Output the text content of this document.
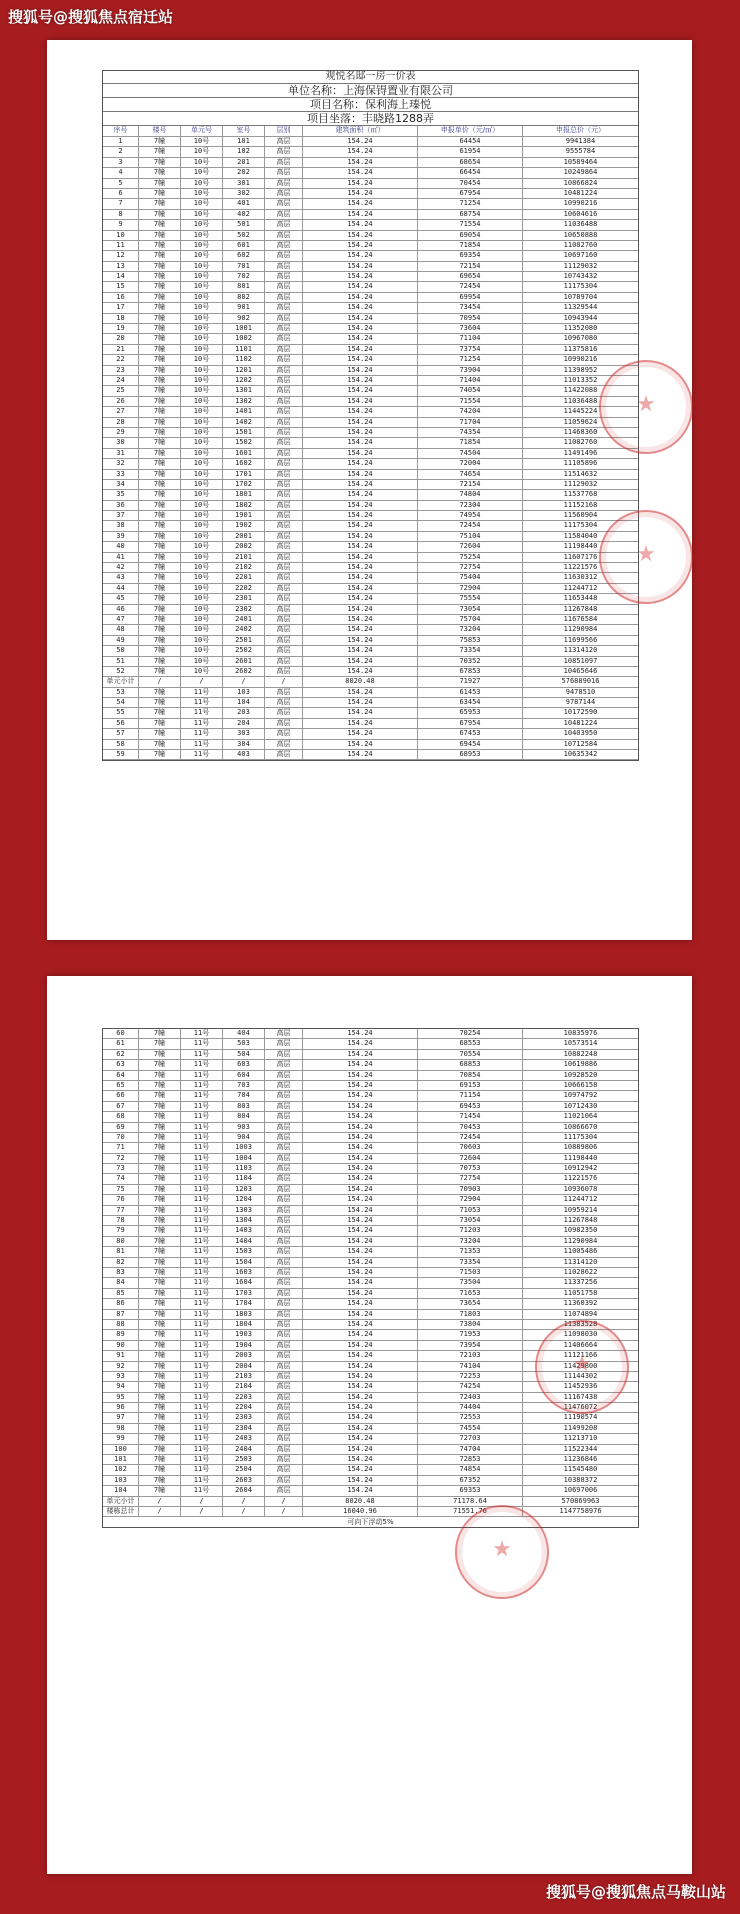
搜狐号@搜狐焦点宿迁站
观悦名邸一房一价表
单位名称：上海保锝置业有限公司
项目名称：保利海上瑧悦
项目坐落：丰晓路1288弄
序号	楼号	单元号	室号	层别	建筑面积（㎡）	申报单价（元/㎡）	申报总价（元）
1	7幢	10号	101	高层	154.24	64454	9941384
2	7幢	10号	102	高层	154.24	61954	9555784
3	7幢	10号	201	高层	154.24	68654	10589464
4	7幢	10号	202	高层	154.24	66454	10249864
5	7幢	10号	301	高层	154.24	70454	10866824
6	7幢	10号	302	高层	154.24	67954	10481224
7	7幢	10号	401	高层	154.24	71254	10990216
8	7幢	10号	402	高层	154.24	68754	10604616
9	7幢	10号	501	高层	154.24	71554	11036488
10	7幢	10号	502	高层	154.24	69054	10650888
11	7幢	10号	601	高层	154.24	71854	11082760
12	7幢	10号	602	高层	154.24	69354	10697160
13	7幢	10号	701	高层	154.24	72154	11129032
14	7幢	10号	702	高层	154.24	69654	10743432
15	7幢	10号	801	高层	154.24	72454	11175304
16	7幢	10号	802	高层	154.24	69954	10789704
17	7幢	10号	901	高层	154.24	73454	11329544
18	7幢	10号	902	高层	154.24	70954	10943944
19	7幢	10号	1001	高层	154.24	73604	11352080
20	7幢	10号	1002	高层	154.24	71104	10967080
21	7幢	10号	1101	高层	154.24	73754	11375816
22	7幢	10号	1102	高层	154.24	71254	10990216
23	7幢	10号	1201	高层	154.24	73904	11398952
24	7幢	10号	1202	高层	154.24	71404	11013352
25	7幢	10号	1301	高层	154.24	74054	11422088
26	7幢	10号	1302	高层	154.24	71554	11036488
27	7幢	10号	1401	高层	154.24	74204	11445224
28	7幢	10号	1402	高层	154.24	71704	11059624
29	7幢	10号	1501	高层	154.24	74354	11468360
30	7幢	10号	1502	高层	154.24	71854	11082760
31	7幢	10号	1601	高层	154.24	74504	11491496
32	7幢	10号	1602	高层	154.24	72004	11105896
33	7幢	10号	1701	高层	154.24	74654	11514632
34	7幢	10号	1702	高层	154.24	72154	11129032
35	7幢	10号	1801	高层	154.24	74804	11537768
36	7幢	10号	1802	高层	154.24	72304	11152168
37	7幢	10号	1901	高层	154.24	74954	11560904
38	7幢	10号	1902	高层	154.24	72454	11175304
39	7幢	10号	2001	高层	154.24	75104	11584040
40	7幢	10号	2002	高层	154.24	72604	11198440
41	7幢	10号	2101	高层	154.24	75254	11607176
42	7幢	10号	2102	高层	154.24	72754	11221576
43	7幢	10号	2201	高层	154.24	75404	11630312
44	7幢	10号	2202	高层	154.24	72904	11244712
45	7幢	10号	2301	高层	154.24	75554	11653448
46	7幢	10号	2302	高层	154.24	73054	11267848
47	7幢	10号	2401	高层	154.24	75704	11676584
48	7幢	10号	2402	高层	154.24	73204	11290984
49	7幢	10号	2501	高层	154.24	75853	11699566
50	7幢	10号	2502	高层	154.24	73354	11314120
51	7幢	10号	2601	高层	154.24	70352	10851097
52	7幢	10号	2602	高层	154.24	67853	10465646
单元小计	/	/	/	/	8020.48	71927	576889016
53	7幢	11号	103	高层	154.24	61453	9478510
54	7幢	11号	104	高层	154.24	63454	9787144
55	7幢	11号	203	高层	154.24	65953	10172590
56	7幢	11号	204	高层	154.24	67954	10481224
57	7幢	11号	303	高层	154.24	67453	10403950
58	7幢	11号	304	高层	154.24	69454	10712584
59	7幢	11号	403	高层	154.24	68953	10635342
★
★
60	7幢	11号	404	高层	154.24	70254	10835976
61	7幢	11号	503	高层	154.24	68553	10573514
62	7幢	11号	504	高层	154.24	70554	10882248
63	7幢	11号	603	高层	154.24	68853	10619886
64	7幢	11号	604	高层	154.24	70854	10928520
65	7幢	11号	703	高层	154.24	69153	10666158
66	7幢	11号	704	高层	154.24	71154	10974792
67	7幢	11号	803	高层	154.24	69453	10712430
68	7幢	11号	804	高层	154.24	71454	11021064
69	7幢	11号	903	高层	154.24	70453	10866670
70	7幢	11号	904	高层	154.24	72454	11175304
71	7幢	11号	1003	高层	154.24	70603	10889806
72	7幢	11号	1004	高层	154.24	72604	11198440
73	7幢	11号	1103	高层	154.24	70753	10912942
74	7幢	11号	1104	高层	154.24	72754	11221576
75	7幢	11号	1203	高层	154.24	70903	10936078
76	7幢	11号	1204	高层	154.24	72904	11244712
77	7幢	11号	1303	高层	154.24	71053	10959214
78	7幢	11号	1304	高层	154.24	73054	11267848
79	7幢	11号	1403	高层	154.24	71203	10982350
80	7幢	11号	1404	高层	154.24	73204	11290984
81	7幢	11号	1503	高层	154.24	71353	11005486
82	7幢	11号	1504	高层	154.24	73354	11314120
83	7幢	11号	1603	高层	154.24	71503	11028622
84	7幢	11号	1604	高层	154.24	73504	11337256
85	7幢	11号	1703	高层	154.24	71653	11051758
86	7幢	11号	1704	高层	154.24	73654	11360392
87	7幢	11号	1803	高层	154.24	71803	11074894
88	7幢	11号	1804	高层	154.24	73804	11383528
89	7幢	11号	1903	高层	154.24	71953	11098030
90	7幢	11号	1904	高层	154.24	73954	11406664
91	7幢	11号	2003	高层	154.24	72103	11121166
92	7幢	11号	2004	高层	154.24	74104	11429800
93	7幢	11号	2103	高层	154.24	72253	11144302
94	7幢	11号	2104	高层	154.24	74254	11452936
95	7幢	11号	2203	高层	154.24	72403	11167438
96	7幢	11号	2204	高层	154.24	74404	11476072
97	7幢	11号	2303	高层	154.24	72553	11190574
98	7幢	11号	2304	高层	154.24	74554	11499208
99	7幢	11号	2403	高层	154.24	72703	11213710
100	7幢	11号	2404	高层	154.24	74704	11522344
101	7幢	11号	2503	高层	154.24	72853	11236846
102	7幢	11号	2504	高层	154.24	74854	11545480
103	7幢	11号	2603	高层	154.24	67352	10388372
104	7幢	11号	2604	高层	154.24	69353	10697006
单元小计	/	/	/	/	8020.48	71178.64	570869963
楼栋总计	/	/	/	/	16040.96	71551.76	1147758976
可向下浮动5%
★
★
搜狐号@搜狐焦点马鞍山站
